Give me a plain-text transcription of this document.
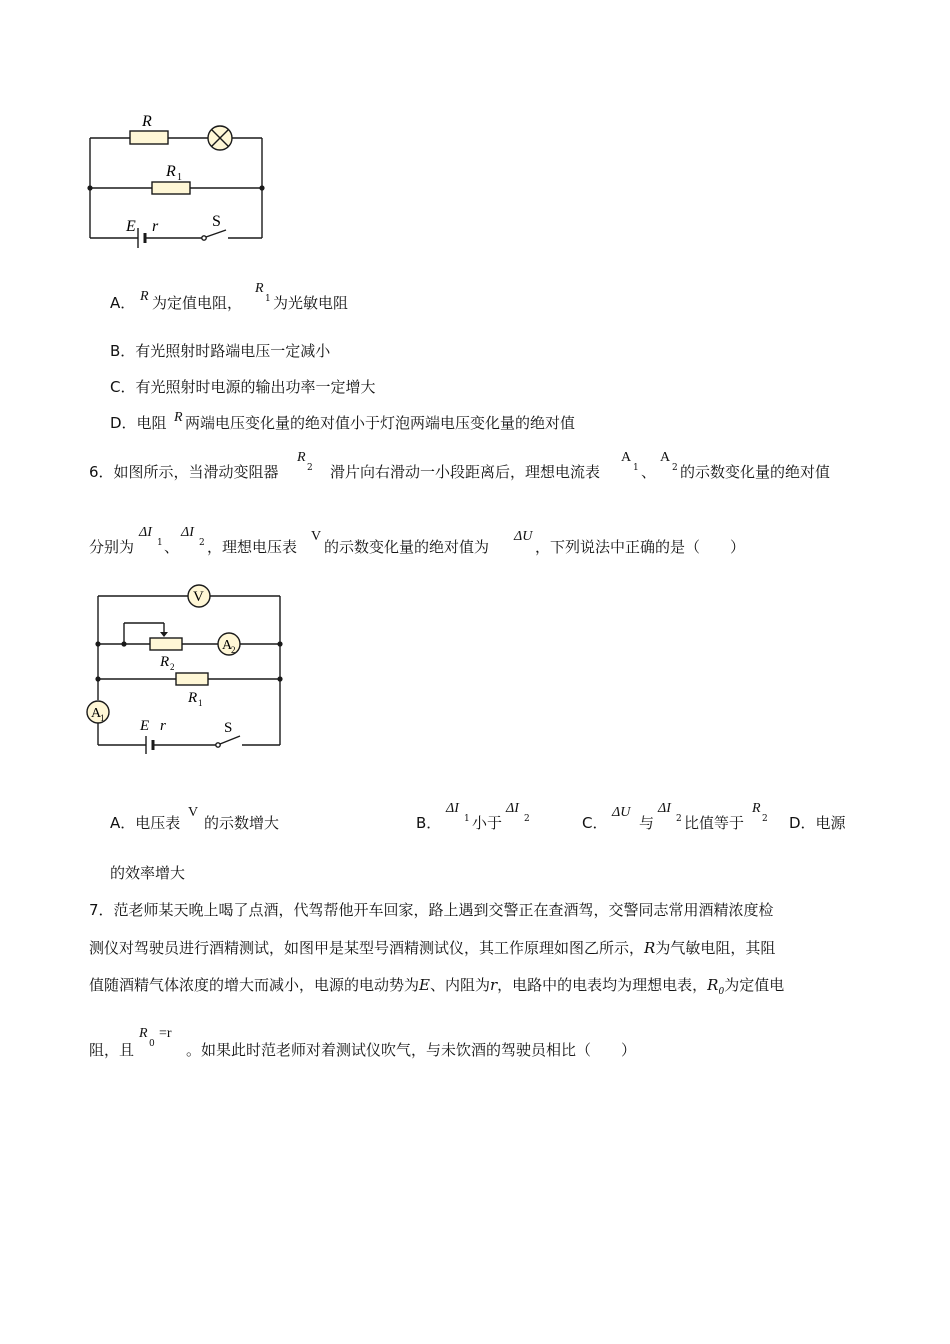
R
R 1
E r	S
A． R 为定值电阻，
R
1 为光敏电阻
B．有光照射时路端电压一定减小
C．有光照射时电源的输出功率一定增大
D．电阻 R 两端电压变化量的绝对值小于灯泡两端电压变化量的绝对值
6．如图所示，当滑动变阻器
R
2 滑片向右滑动一小段距离后，理想电流表
A
1 、
A
2 的示数变化量的绝对值
分别为
ΔI
1 、
ΔI
2 ，理想电压表
V
的示数变化量的绝对值为
ΔU
，下列说法中正确的是（　　）
V
A
2
A
1
R 2
R 1
E r	S
A．电压表
V
的示数增大	B．
ΔI
1 小于
ΔI
2	C．
ΔU
与
ΔI
2 比值等于
R
2 D．电源
的效率增大
7．范老师某天晚上喝了点酒，代驾帮他开车回家，路上遇到交警正在查酒驾，交警同志常用酒精浓度检
测仪对驾驶员进行酒精测试，如图甲是某型号酒精测试仪，其工作原理如图乙所示，R为气敏电阻，其阻
值随酒精气体浓度的增大而减小，电源的电动势为E、内阻为r，电路中的电表均为理想电表，$R_0$为定值电
阻，且
R
0
=r
。如果此时范老师对着测试仪吹气，与未饮酒的驾驶员相比（　　）
